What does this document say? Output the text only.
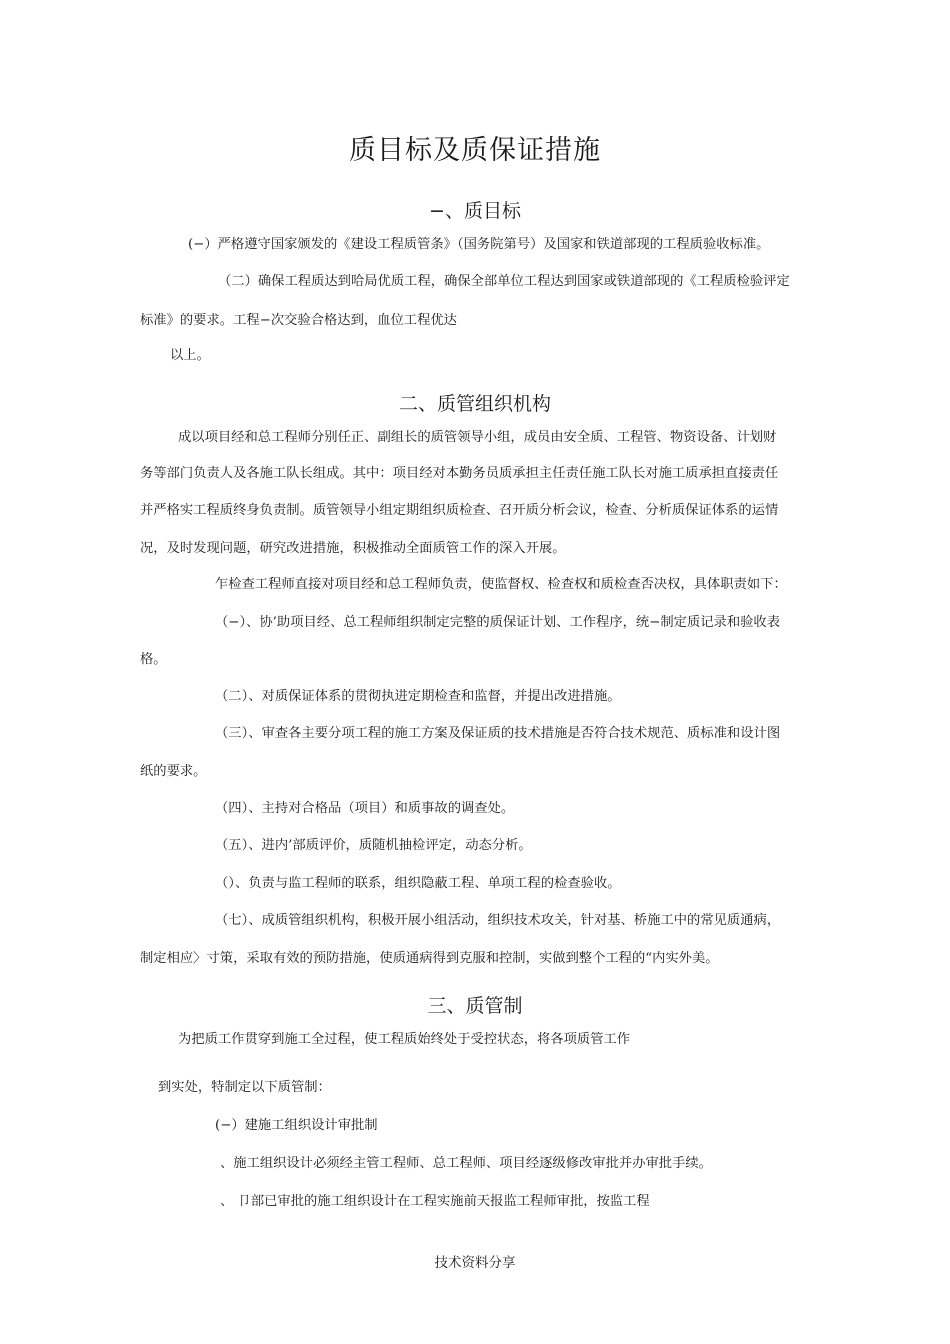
质目标及质保证措施
−、质目标
(−）严格遵守国家颁发的《建设工程质管条》（国务院第号）及国家和铁道部现的工程质验收标准。
（二）确保工程质达到哈局优质工程，确保全部单位工程达到国家或铁道部现的《工程质检验评定
标准》的要求。工程−次交验合格达到，血位工程优达
以上。
二、质管组织机构
成以项目经和总工程师分别任正、副组长的质管领导小组，成员由安全质、工程管、物资设备、计划财
务等部门负责人及各施工队长组成。其中：项目经对本勤务员质承担主任责任施工队长对施工质承担直接责任
并严格实工程质终身负责制。质管领导小组定期组织质检查、召开质分析会议，检查、分析质保证体系的运情
况，及时发现问题，研究改进措施，积极推动全面质管工作的深入开展。
乍检查工程师直接对项目经和总工程师负责，使监督权、检查权和质检查否决权，具体职责如下：
（−）、协’助项目经、总工程师组织制定完整的质保证计划、工作程序，统−制定质记录和验收表
格。
（二）、对质保证体系的贯彻执进定期检查和监督，并提出改进措施。
（三）、审查各主要分项工程的施工方案及保证质的技术措施是否符合技术规范、质标准和设计图
纸的要求。
（四）、主持对合格品（项目）和质事故的调查处。
（五）、进内’部质评价，质随机抽检评定，动态分析。
（）、负责与监工程师的联系，组织隐蔽工程、单项工程的检查验收。
（七）、成质管组织机构，积极开展小组活动，组织技术攻关，针对基、桥施工中的常见质通病，
制定相应〉寸策，采取有效的预防措施，使质通病得到克服和控制，实做到整个工程的“内实外美。
三、质管制
为把质工作贯穿到施工全过程，使工程质始终处于受控状态，将各项质管工作
到实处，特制定以下质管制：
(−）建施工组织设计审批制
、施工组织设计必须经主管工程师、总工程师、项目经逐级修改审批并办审批手续。
、 卩部已审批的施工组织设计在工程实施前天报监工程师审批，按监工程
技术资料分享
